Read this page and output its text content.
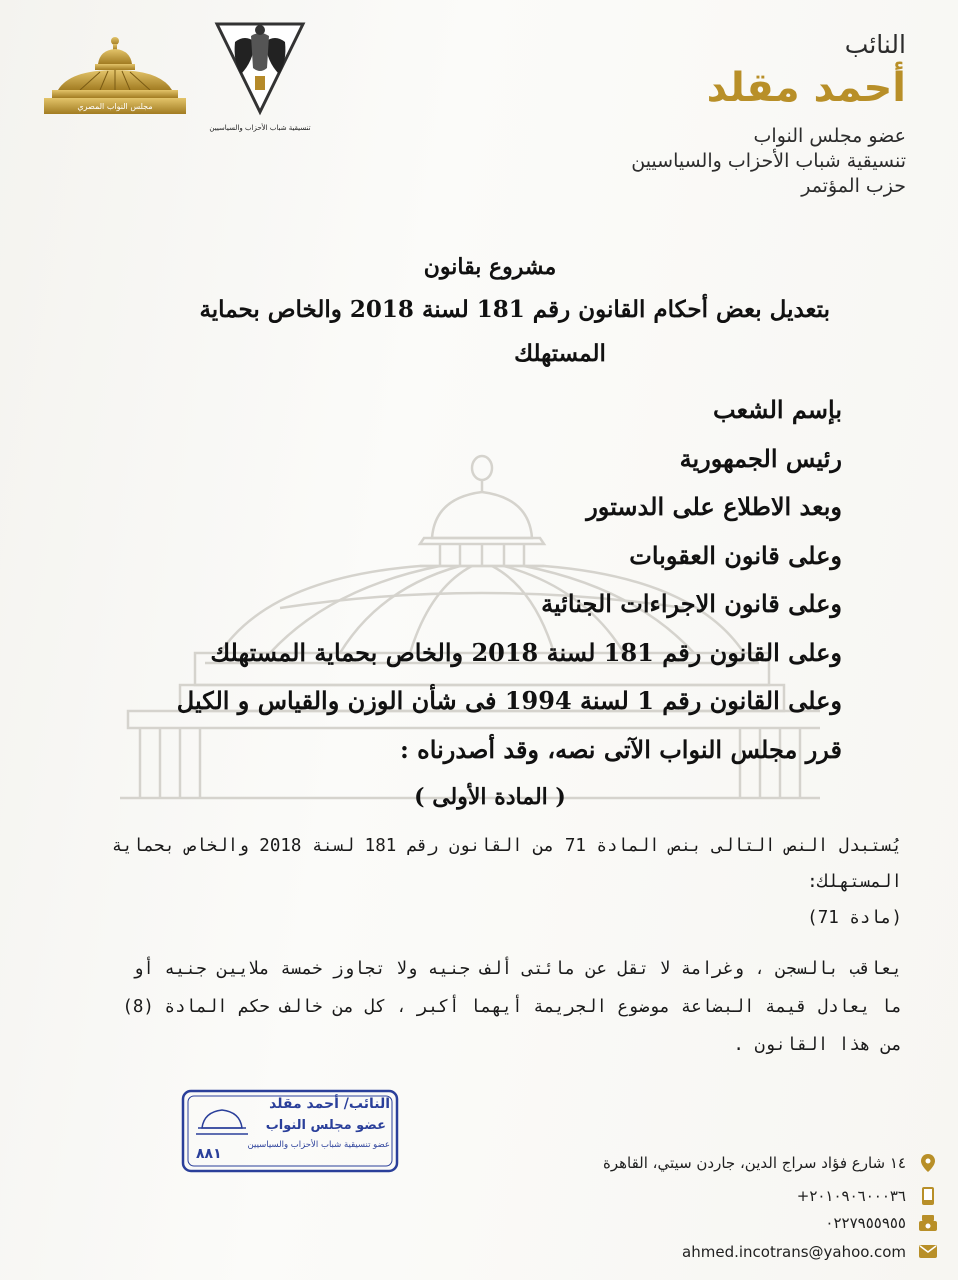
مجلس النواب المصري
تنسيقية شباب الأحزاب والسياسيين
النائب
أحمد مقلد
عضو مجلس النواب
تنسيقية شباب الأحزاب والسياسيين
حزب المؤتمر
مشروع بقانون
بتعديل بعض أحكام القانون رقم 181 لسنة 2018 والخاص بحماية
المستهلك
بإسم الشعب
رئيس الجمهورية
وبعد الاطلاع على الدستور
وعلى قانون العقوبات
وعلى قانون الاجراءات الجنائية
وعلى القانون رقم 181 لسنة 2018 والخاص بحماية المستهلك
وعلى القانون رقم 1 لسنة 1994 فى شأن الوزن والقياس و الكيل
قرر مجلس النواب الآتى نصه، وقد أصدرناه :
( المادة الأولى )
يُستبدل النص التالى بنص المادة 71 من القانون رقم 181 لسنة 2018 والخاص بحماية المستهلك:
(مادة 71)
يعاقب بالسجن ، وغرامة لا تقل عن مائتى ألف جنيه ولا تجاوز خمسة ملايين جنيه أو ما يعادل قيمة البضاعة موضوع الجريمة أيهما أكبر ، كل من خالف حكم المادة (8) من هذا القانون .
النائب/ أحمد مقلد
عضو مجلس النواب
عضو تنسيقية شباب الأحزاب والسياسيين
٨٨١	١٤ شارع فؤاد سراج الدين، جاردن سيتي، القاهرة
+٢٠١٠٩٠٦٠٠٠٣٦
٠٢٢٧٩٥٥٩٥٥
ahmed.incotrans@yahoo.com
